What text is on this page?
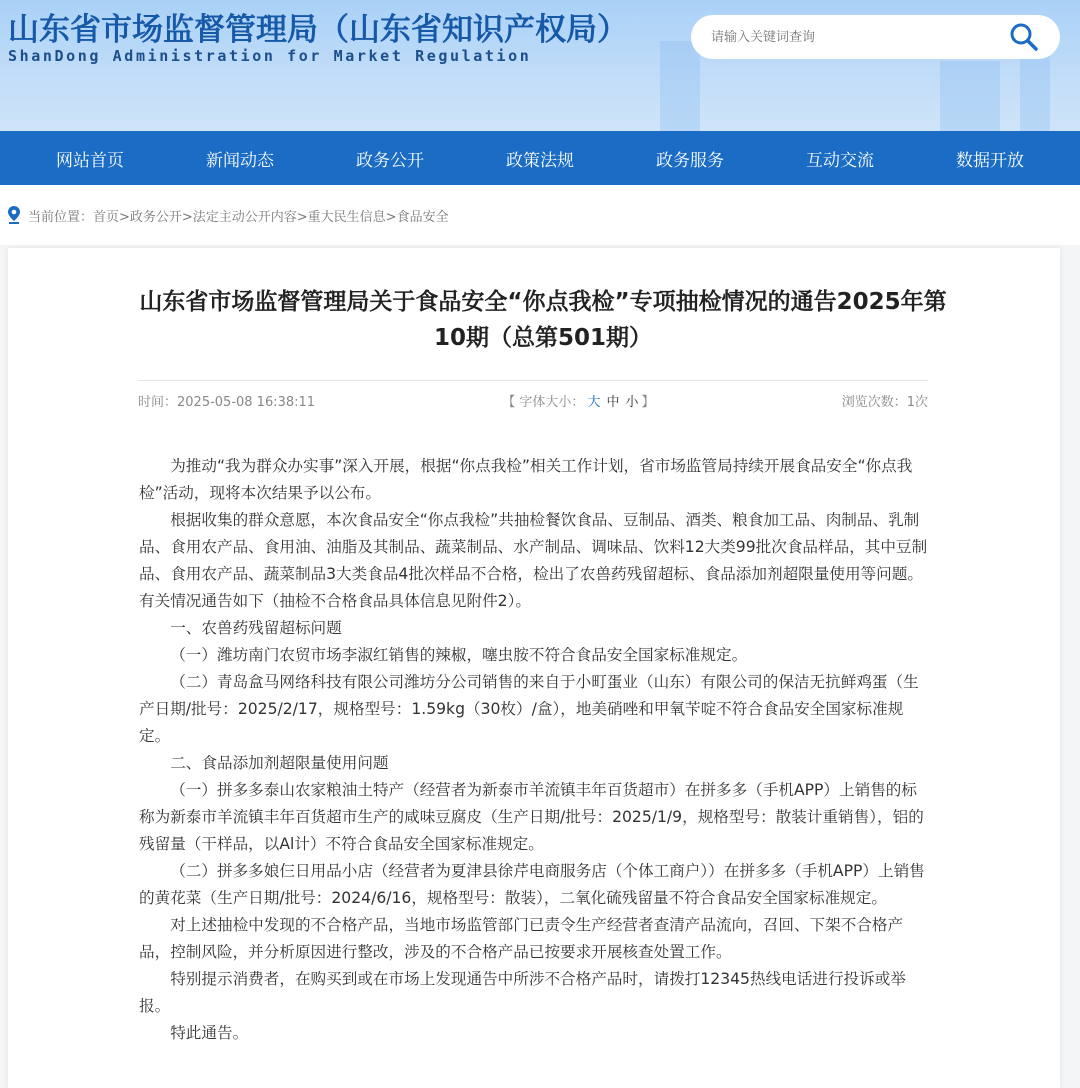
山东省市场监督管理局（山东省知识产权局）
ShanDong Administration for Market Regulation
请输入关键词查询
网站首页	新闻动态	政务公开	政策法规	政务服务	互动交流	数据开放
当前位置：首页>政务公开>法定主动公开内容>重大民生信息>食品安全
山东省市场监督管理局关于食品安全“你点我检”专项抽检情况的通告2025年第10期（总第501期）
时间：2025-05-08 16:38:11	【 字体大小： 大 中 小 】	浏览次数：1次

为推动“我为群众办实事”深入开展，根据“你点我检”相关工作计划，省市场监管局持续开展食品安全“你点我检”活动，现将本次结果予以公布。

根据收集的群众意愿，本次食品安全“你点我检”共抽检餐饮食品、豆制品、酒类、粮食加工品、肉制品、乳制品、食用农产品、食用油、油脂及其制品、蔬菜制品、水产制品、调味品、饮料12大类99批次食品样品，其中豆制品、食用农产品、蔬菜制品3大类食品4批次样品不合格，检出了农兽药残留超标、食品添加剂超限量使用等问题。有关情况通告如下（抽检不合格食品具体信息见附件2）。

一、农兽药残留超标问题

（一）潍坊南门农贸市场李淑红销售的辣椒，噻虫胺不符合食品安全国家标准规定。

（二）青岛盒马网络科技有限公司潍坊分公司销售的来自于小町蛋业（山东）有限公司的保洁无抗鲜鸡蛋（生产日期/批号：2025/2/17，规格型号：1.59kg（30枚）/盒），地美硝唑和甲氧苄啶不符合食品安全国家标准规定。

二、食品添加剂超限量使用问题

（一）拼多多泰山农家粮油土特产（经营者为新泰市羊流镇丰年百货超市）在拼多多（手机APP）上销售的标称为新泰市羊流镇丰年百货超市生产的咸味豆腐皮（生产日期/批号：2025/1/9，规格型号：散装计重销售），铝的残留量（干样品，以Al计）不符合食品安全国家标准规定。

（二）拼多多娘仨日用品小店（经营者为夏津县徐芹电商服务店（个体工商户））在拼多多（手机APP）上销售的黄花菜（生产日期/批号：2024/6/16，规格型号：散装），二氧化硫残留量不符合食品安全国家标准规定。

对上述抽检中发现的不合格产品，当地市场监管部门已责令生产经营者查清产品流向，召回、下架不合格产品，控制风险，并分析原因进行整改，涉及的不合格产品已按要求开展核查处置工作。

特别提示消费者，在购买到或在市场上发现通告中所涉不合格产品时，请拨打12345热线电话进行投诉或举报。

特此通告。
